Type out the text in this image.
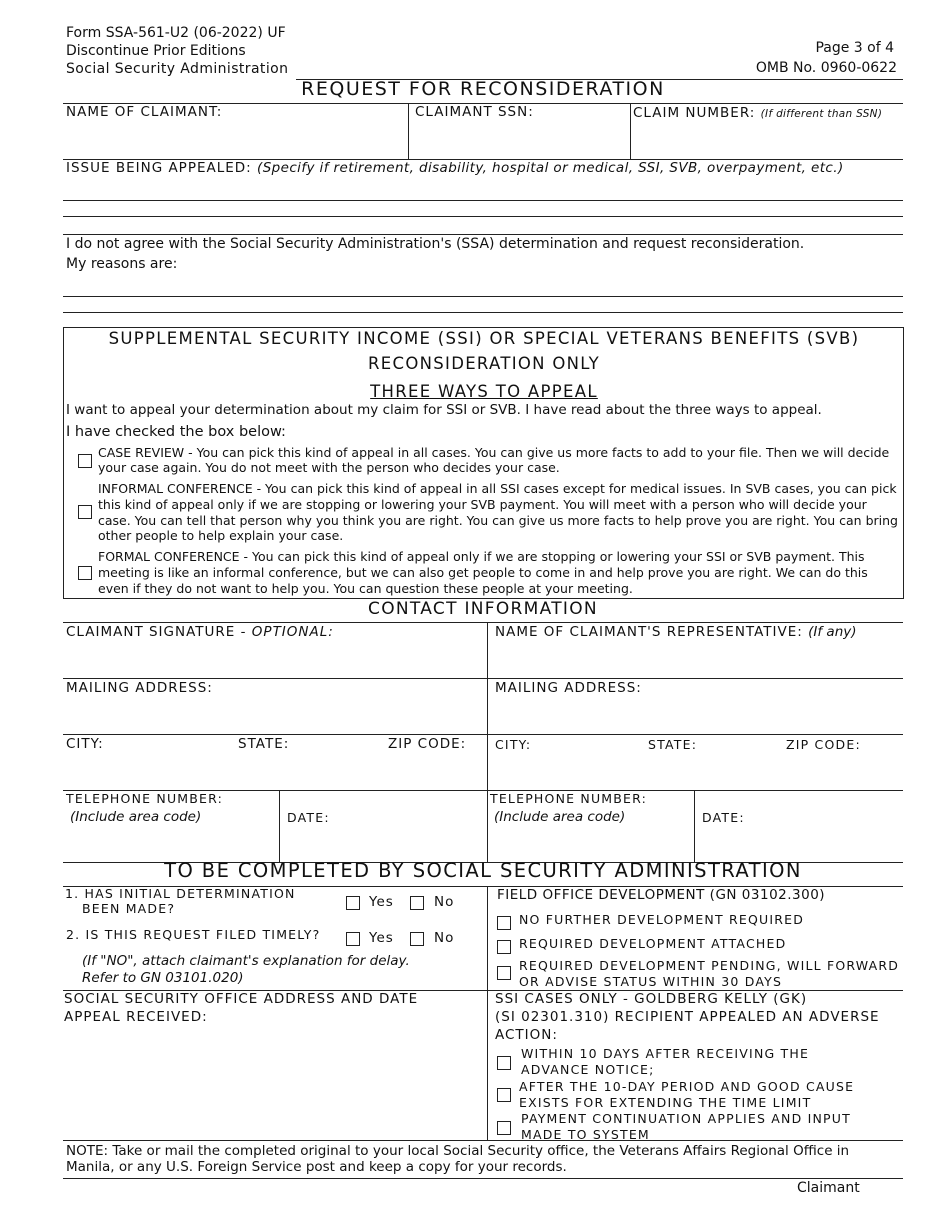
Form SSA-561-U2 (06-2022) UF
Discontinue Prior Editions
Social Security Administration
Page 3 of 4
OMB No. 0960-0622
REQUEST FOR RECONSIDERATION
NAME OF CLAIMANT:	CLAIMANT SSN:	CLAIM NUMBER: (If different than SSN)
ISSUE BEING APPEALED: (Specify if retirement, disability, hospital or medical, SSI, SVB, overpayment, etc.)
I do not agree with the Social Security Administration's (SSA) determination and request reconsideration.
My reasons are:
SUPPLEMENTAL SECURITY INCOME (SSI) OR SPECIAL VETERANS BENEFITS (SVB)
RECONSIDERATION ONLY
THREE WAYS TO APPEAL
I want to appeal your determination about my claim for SSI or SVB. I have read about the three ways to appeal.
I have checked the box below:
CASE REVIEW - You can pick this kind of appeal in all cases. You can give us more facts to add to your file. Then we will decide your case again. You do not meet with the person who decides your case.
INFORMAL CONFERENCE - You can pick this kind of appeal in all SSI cases except for medical issues. In SVB cases, you can pick this kind of appeal only if we are stopping or lowering your SVB payment. You will meet with a person who will decide your case. You can tell that person why you think you are right. You can give us more facts to help prove you are right. You can bring other people to help explain your case.
FORMAL CONFERENCE - You can pick this kind of appeal only if we are stopping or lowering your SSI or SVB payment. This meeting is like an informal conference, but we can also get people to come in and help prove you are right. We can do this even if they do not want to help you. You can question these people at your meeting.
CONTACT INFORMATION
CLAIMANT SIGNATURE - OPTIONAL:	NAME OF CLAIMANT'S REPRESENTATIVE: (If any)
MAILING ADDRESS:	MAILING ADDRESS:
CITY:	STATE:	ZIP CODE: CITY:	STATE:	ZIP CODE:
TELEPHONE NUMBER:
(Include area code)	DATE:
TELEPHONE NUMBER:
(Include area code)	DATE:
TO BE COMPLETED BY SOCIAL SECURITY ADMINISTRATION
1. HAS INITIAL DETERMINATION
BEEN MADE?	Yes	No
2. IS THIS REQUEST FILED TIMELY?	Yes	No
(If "NO", attach claimant's explanation for delay.
Refer to GN 03101.020)
FIELD OFFICE DEVELOPMENT (GN 03102.300)
NO FURTHER DEVELOPMENT REQUIRED
REQUIRED DEVELOPMENT ATTACHED
REQUIRED DEVELOPMENT PENDING, WILL FORWARD OR ADVISE STATUS WITHIN 30 DAYS
SOCIAL SECURITY OFFICE ADDRESS AND DATE
APPEAL RECEIVED:
SSI CASES ONLY - GOLDBERG KELLY (GK)
(SI 02301.310) RECIPIENT APPEALED AN ADVERSE
ACTION:
WITHIN 10 DAYS AFTER RECEIVING THE ADVANCE NOTICE;
AFTER THE 10-DAY PERIOD AND GOOD CAUSE EXISTS FOR EXTENDING THE TIME LIMIT
PAYMENT CONTINUATION APPLIES AND INPUT MADE TO SYSTEM
NOTE: Take or mail the completed original to your local Social Security office, the Veterans Affairs Regional Office in Manila, or any U.S. Foreign Service post and keep a copy for your records.
Claimant
